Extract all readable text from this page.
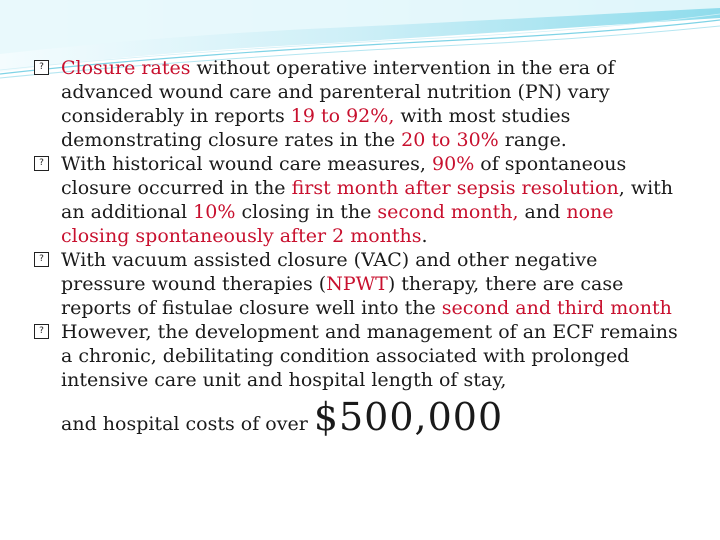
? Closure rates without operative intervention in the era of advanced wound care and parenteral nutrition (PN) vary considerably in reports 19 to 92%, with most studies demonstrating closure rates in the 20 to 30% range.

? With historical wound care measures, 90% of spontaneous closure occurred in the first month after sepsis resolution, with an additional 10% closing in the second month, and none closing spontaneously after 2 months.

? With vacuum assisted closure (VAC) and other negative pressure wound therapies (NPWT) therapy, there are case reports of fistulae closure well into the second and third month

? However, the development and management of an ECF remains a chronic, debilitating condition associated with prolonged intensive care unit and hospital length of stay,
and hospital costs of over $500,000
